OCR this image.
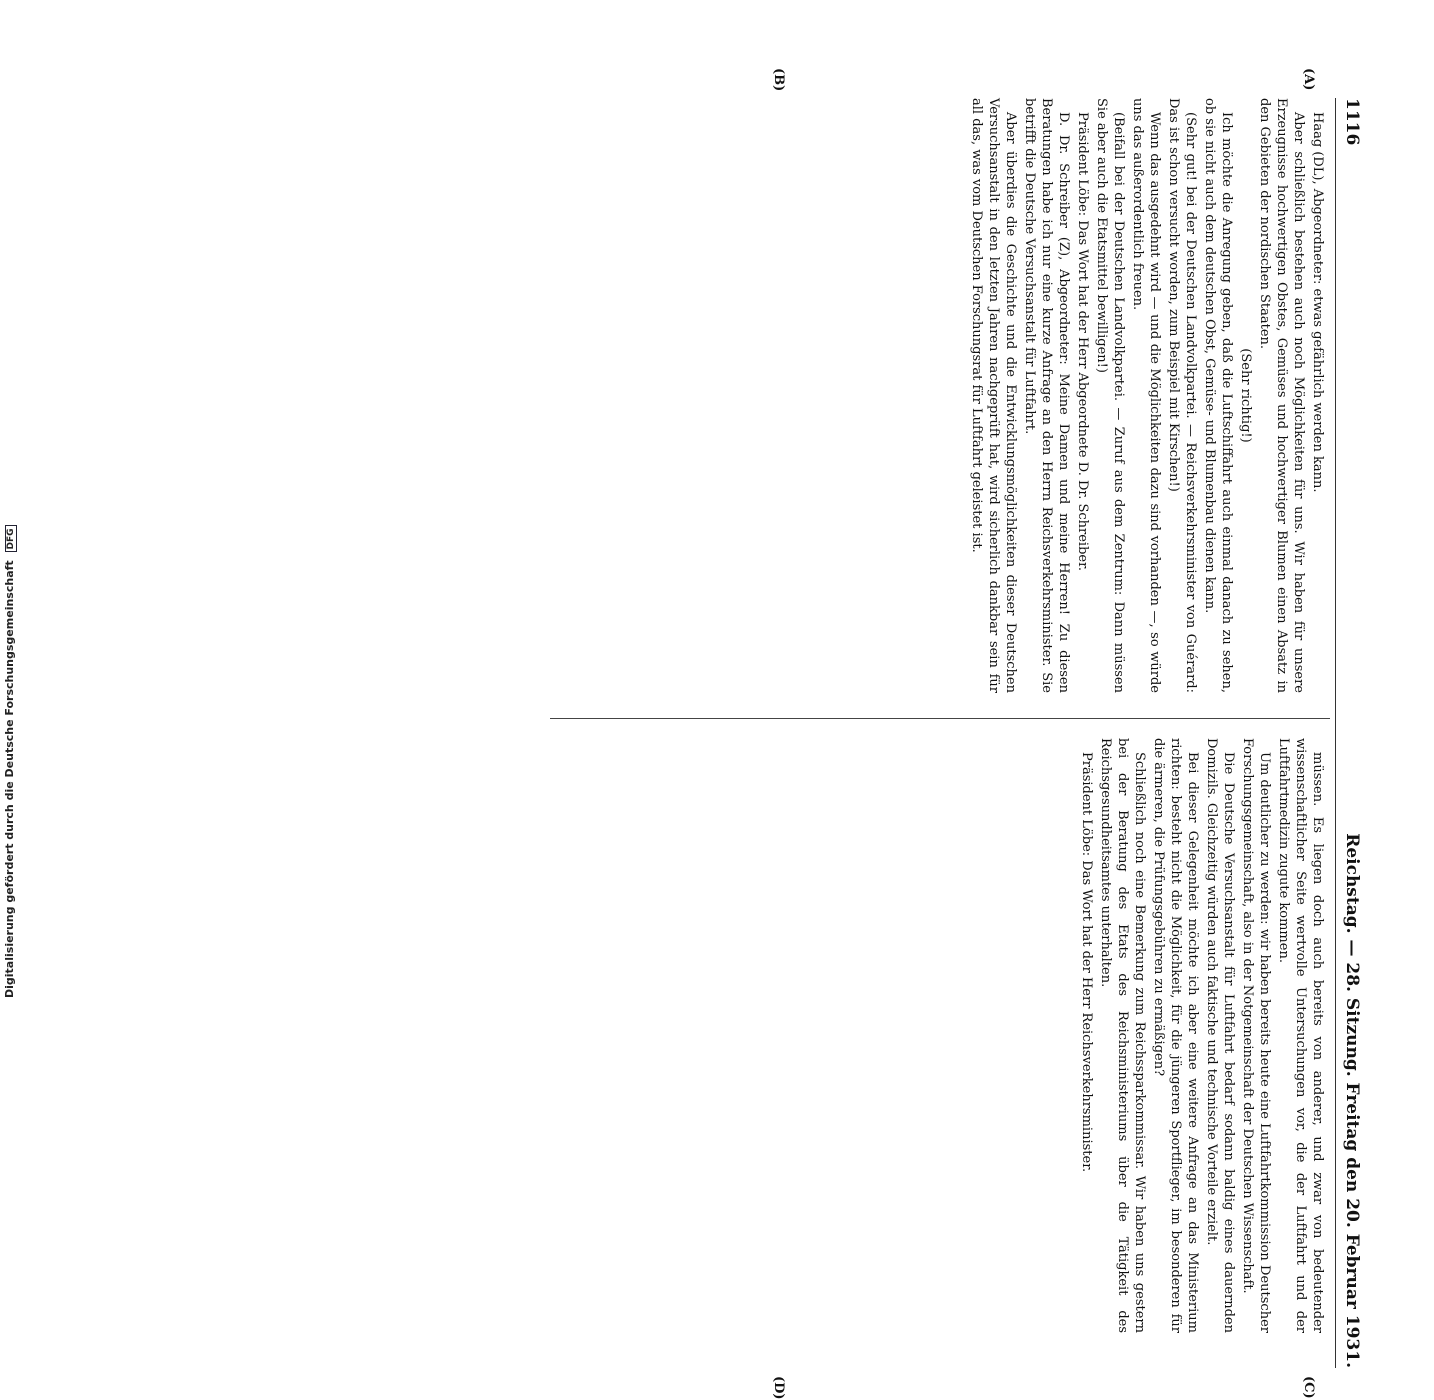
1116
Reichstag. — 28. Sitzung. Freitag den 20. Februar 1931.
(A)
(B)
(C)
(D)

Haag (DL), Abgeordneter: etwas gefährlich werden kann.

Aber schließlich bestehen auch noch Möglichkeiten für uns. Wir haben für unsere Erzeugnisse hochwertigen Obstes, Gemüses und hochwertiger Blumen einen Absatz in den Gebieten der nordischen Staaten.

(Sehr richtig!)

Ich möchte die Anregung geben, daß die Luftschiffahrt auch einmal danach zu sehen, ob sie nicht auch dem deutschen Obst, Gemüse- und Blumenbau dienen kann.

(Sehr gut! bei der Deutschen Landvolkpartei. — Reichsverkehrsminister von Guérard: Das ist schon versucht worden, zum Beispiel mit Kirschen!)

Wenn das ausgedehnt wird — und die Möglichkeiten dazu sind vorhanden —, so würde uns das außerordentlich freuen.

(Beifall bei der Deutschen Landvolkpartei. — Zuruf aus dem Zentrum: Dann müssen Sie aber auch die Etatsmittel bewilligen!)

Präsident Löbe: Das Wort hat der Herr Abgeordnete D. Dr. Schreiber.

D. Dr. Schreiber (Z), Abgeordneter: Meine Damen und meine Herren! Zu diesen Beratungen habe ich nur eine kurze Anfrage an den Herrn Reichsverkehrsminister. Sie betrifft die Deutsche Versuchsanstalt für Luftfahrt.

Aber überdies die Geschichte und die Entwicklungsmöglichkeiten dieser Deutschen Versuchsanstalt in den letzten Jahren nachgeprüft hat, wird sicherlich dankbar sein für all das, was vom Deutschen Forschungsrat für Luftfahrt geleistet ist.

müssen. Es liegen doch auch bereits von anderer, und zwar von bedeutender wissenschaftlicher Seite wertvolle Untersuchungen vor, die der Luftfahrt und der Luftfahrtmedizin zugute kommen.

Um deutlicher zu werden: wir haben bereits heute eine Luftfahrtkommission Deutscher Forschungsgemeinschaft, also in der Notgemeinschaft der Deutschen Wissenschaft.

Die Deutsche Versuchsanstalt für Luftfahrt bedarf sodann baldig eines dauernden Domizils. Gleichzeitig würden auch faktische und technische Vorteile erzielt.

Bei dieser Gelegenheit möchte ich aber eine weitere Anfrage an das Ministerium richten: besteht nicht die Möglichkeit, für die jüngeren Sportflieger, im besonderen für die ärmeren, die Prüfungsgebühren zu ermäßigen?

Schließlich noch eine Bemerkung zum Reichssparkommissar. Wir haben uns gestern bei der Beratung des Etats des Reichsministeriums über die Tätigkeit des Reichsgesundheitsamtes unterhalten.

Präsident Löbe: Das Wort hat der Herr Reichsverkehrsminister.

Digitalisierung gefördert durch die Deutsche Forschungsgemeinschaft DFG
